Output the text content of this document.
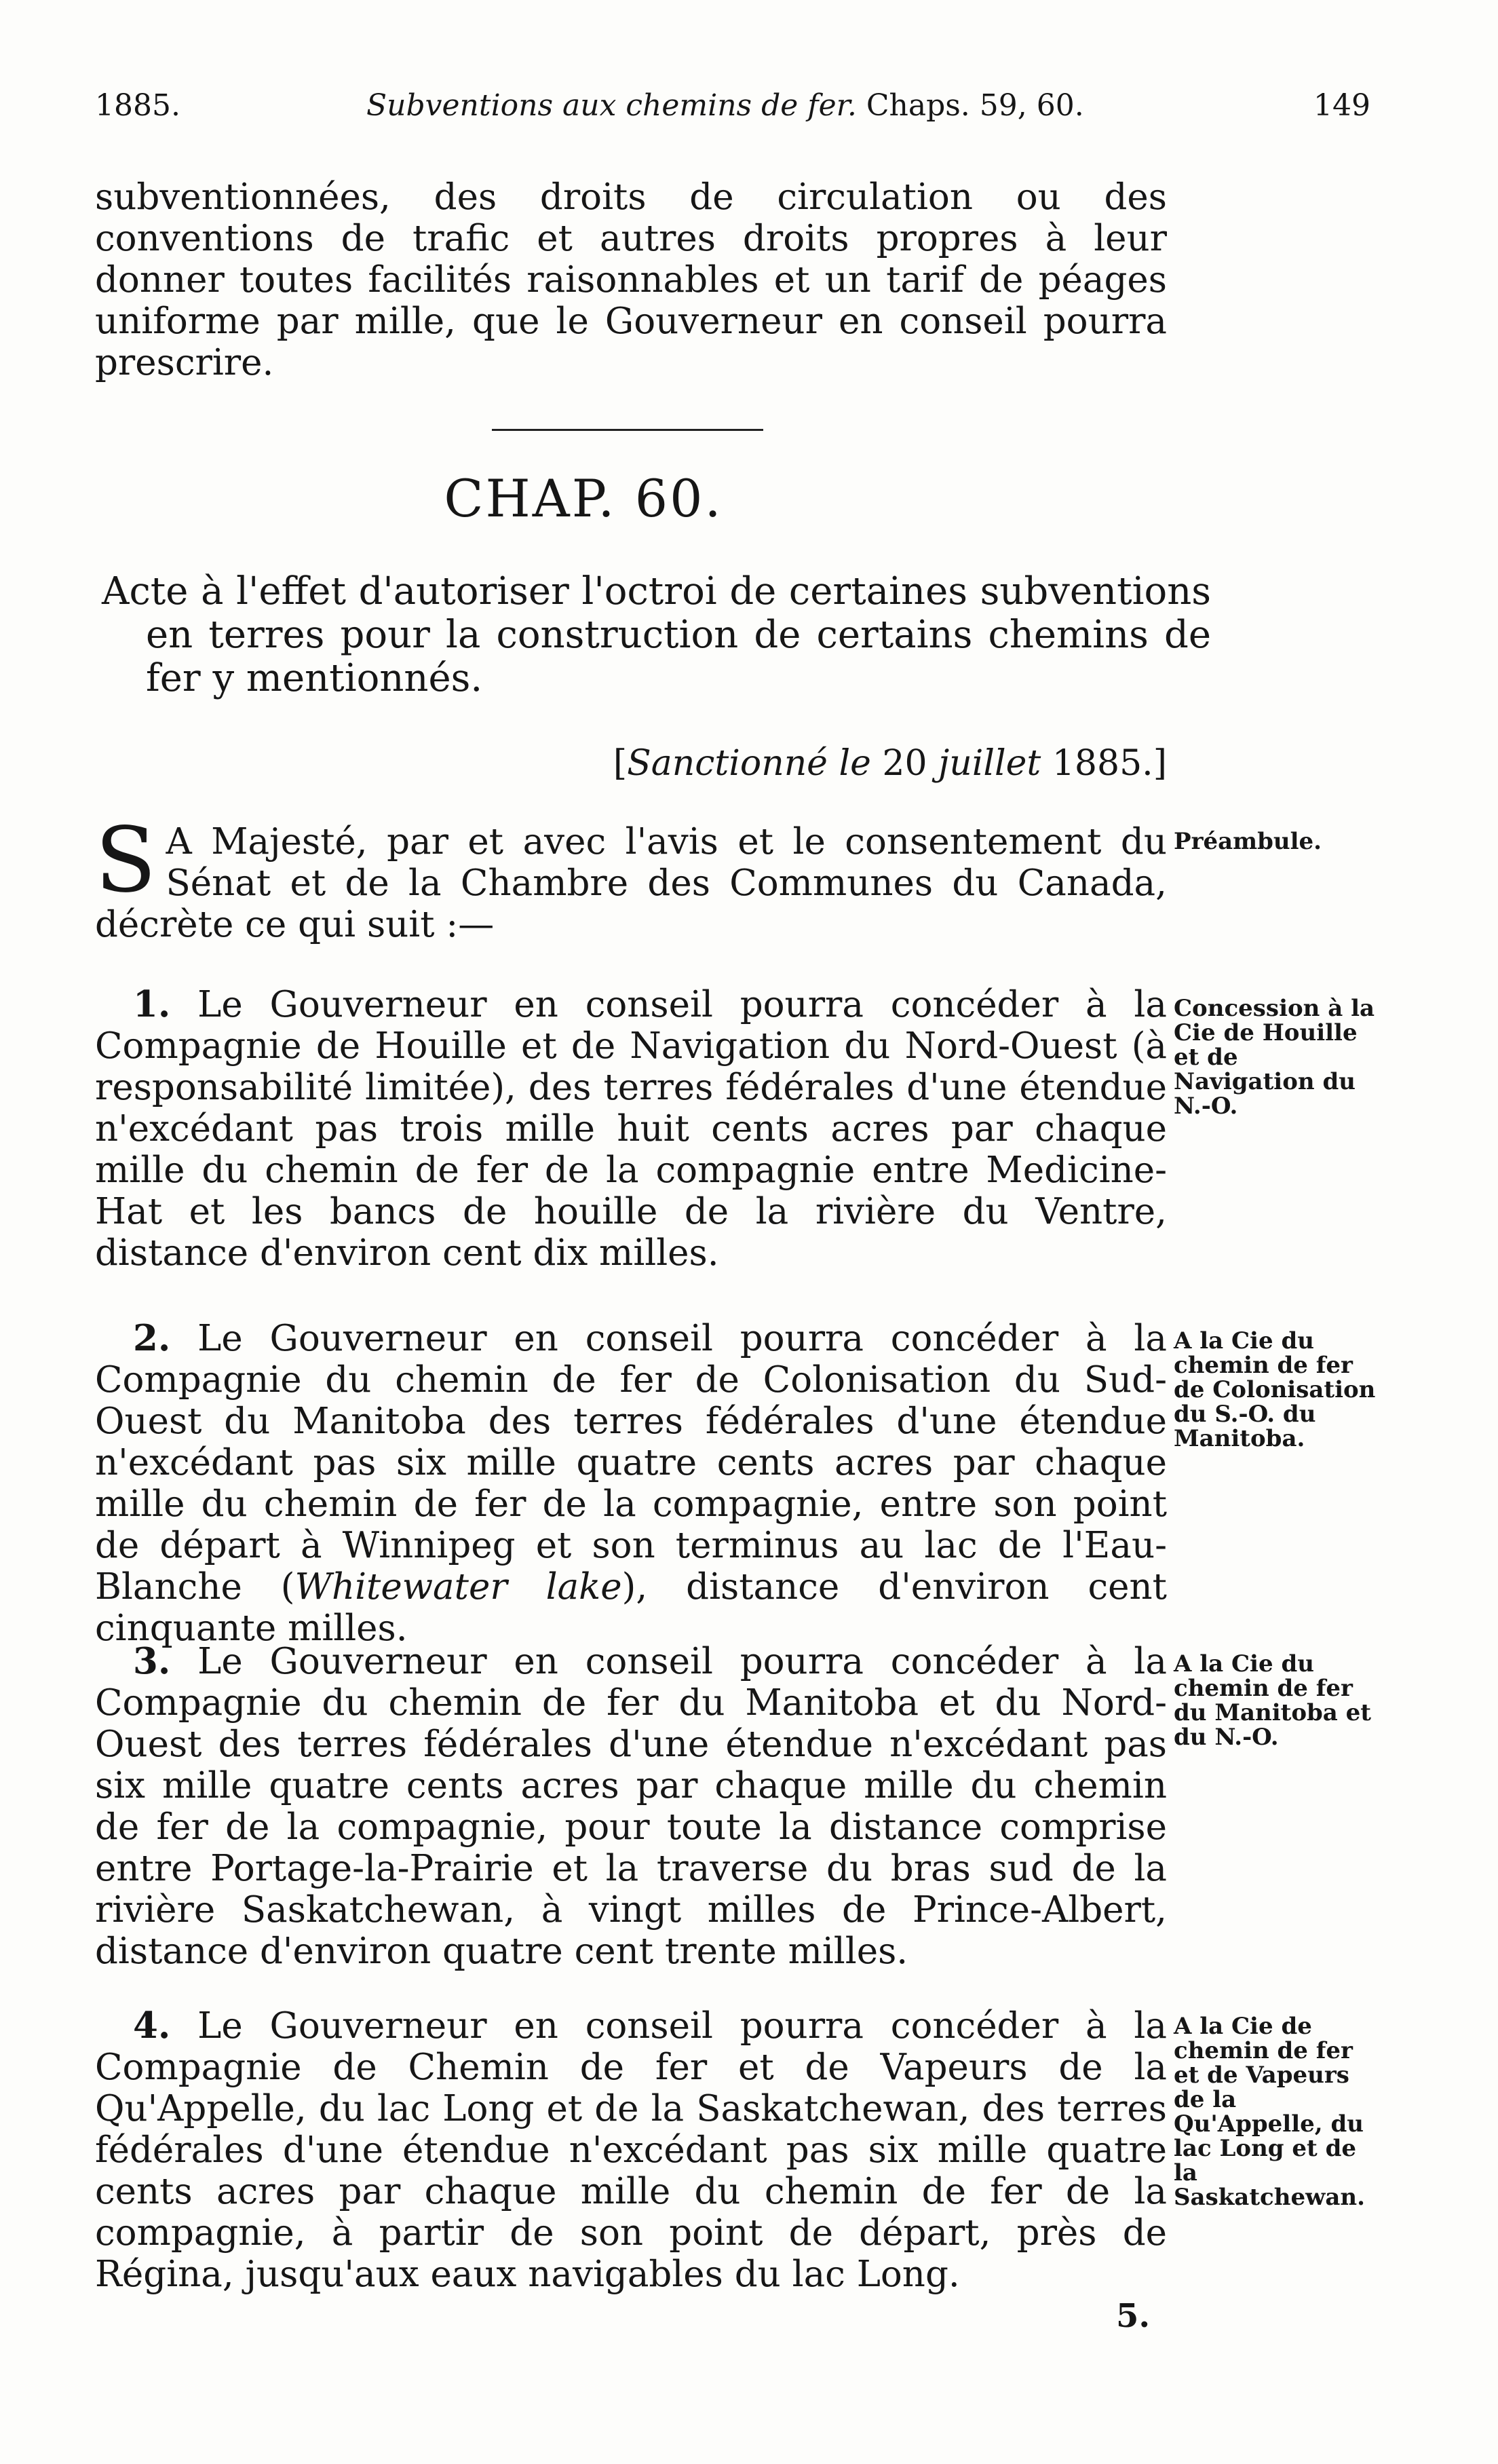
1885.	Subventions aux chemins de fer. Chaps. 59, 60.	149
subventionnées, des droits de circulation ou des conventions de trafic et autres droits propres à leur donner toutes facilités raisonnables et un tarif de péages uniforme par mille, que le Gouverneur en conseil pourra prescrire.
CHAP. 60.
Acte à l'effet d'autoriser l'octroi de certaines subventions en terres pour la construction de certains chemins de fer y mentionnés.
[Sanctionné le 20 juillet 1885.]
S A Majesté, par et avec l'avis et le consentement du Sénat et de la Chambre des Communes du Canada, décrète ce qui suit :—
Préambule.
1. Le Gouverneur en conseil pourra concéder à la Compagnie de Houille et de Navigation du Nord-Ouest (à responsabilité limitée), des terres fédérales d'une étendue n'excédant pas trois mille huit cents acres par chaque mille du chemin de fer de la compagnie entre Medicine-Hat et les bancs de houille de la rivière du Ventre, distance d'environ cent dix milles.
Concession à la Cie de Houille et de Navigation du N.-O.
2. Le Gouverneur en conseil pourra concéder à la Compagnie du chemin de fer de Colonisation du Sud-Ouest du Manitoba des terres fédérales d'une étendue n'excédant pas six mille quatre cents acres par chaque mille du chemin de fer de la compagnie, entre son point de départ à Winnipeg et son terminus au lac de l'Eau-Blanche (Whitewater lake), distance d'environ cent cinquante milles.
A la Cie du chemin de fer de Colonisation du S.-O. du Manitoba.
3. Le Gouverneur en conseil pourra concéder à la Compagnie du chemin de fer du Manitoba et du Nord-Ouest des terres fédérales d'une étendue n'excédant pas six mille quatre cents acres par chaque mille du chemin de fer de la compagnie, pour toute la distance comprise entre Portage-la-Prairie et la traverse du bras sud de la rivière Saskatchewan, à vingt milles de Prince-Albert, distance d'environ quatre cent trente milles.
A la Cie du chemin de fer du Manitoba et du N.-O.
4. Le Gouverneur en conseil pourra concéder à la Compagnie de Chemin de fer et de Vapeurs de la Qu'Appelle, du lac Long et de la Saskatchewan, des terres fédérales d'une étendue n'excédant pas six mille quatre cents acres par chaque mille du chemin de fer de la compagnie, à partir de son point de départ, près de Régina, jusqu'aux eaux navigables du lac Long.
A la Cie de chemin de fer et de Vapeurs de la Qu'Appelle, du lac Long et de la Saskatchewan.
5.
